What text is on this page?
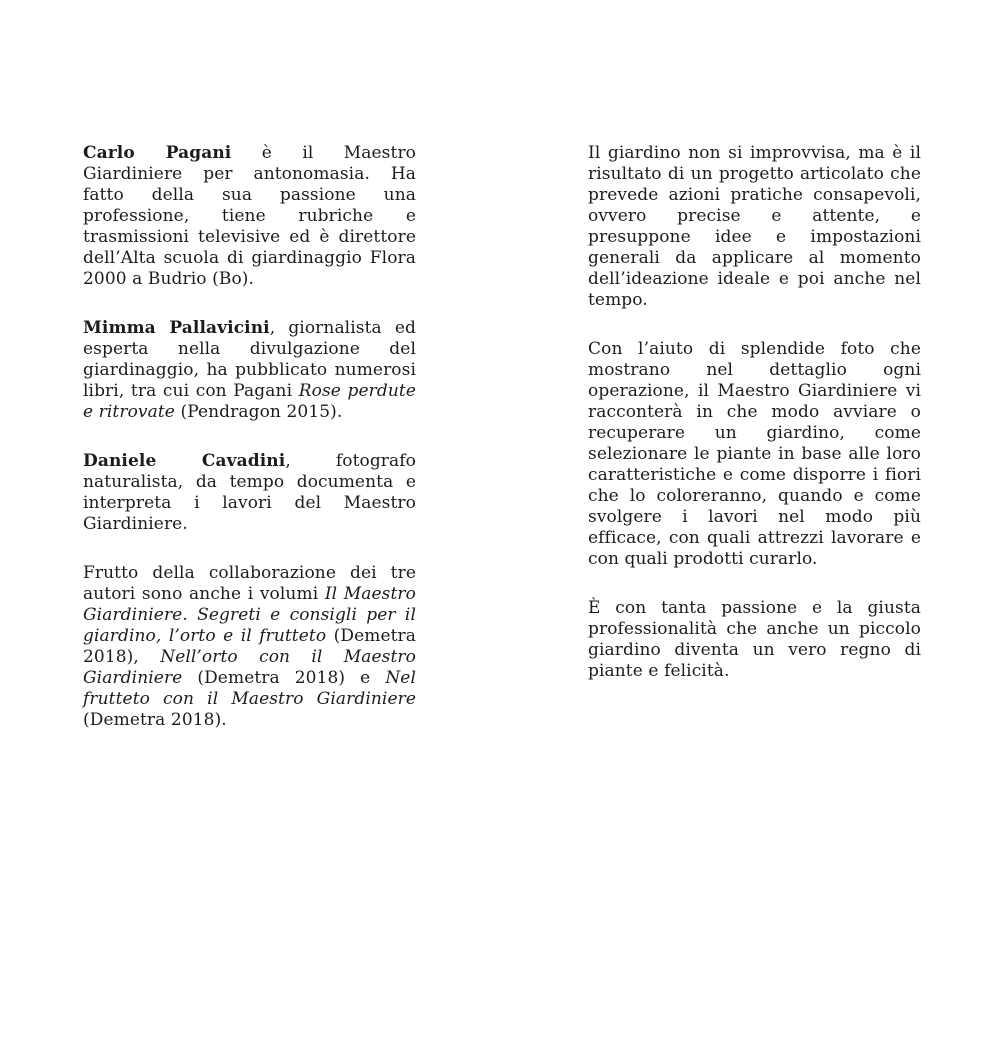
Carlo Pagani è il Maestro Giardiniere per antonomasia. Ha fatto della sua passione una professione, tiene rubriche e trasmissioni televisive ed è direttore dell’Alta scuola di giardinaggio Flora 2000 a Budrio (Bo).

Mimma Pallavicini, giornalista ed esperta nella divulgazione del giardinaggio, ha pubblicato numerosi libri, tra cui con Pagani Rose perdute e ritrovate (Pendragon 2015).

Daniele Cavadini, fotografo naturalista, da tempo documenta e interpreta i lavori del Maestro Giardiniere.

Frutto della collaborazione dei tre autori sono anche i volumi Il Maestro Giardiniere. Segreti e consigli per il giardino, l’orto e il frutteto (Demetra 2018), Nell’orto con il Maestro Giardiniere (Demetra 2018) e Nel frutteto con il Maestro Giardiniere (Demetra 2018).

Il giardino non si improvvisa, ma è il risultato di un progetto articolato che prevede azioni pratiche consapevoli, ovvero precise e attente, e presuppone idee e impostazioni generali da applicare al momento dell’ideazione ideale e poi anche nel tempo.

Con l’aiuto di splendide foto che mostrano nel dettaglio ogni operazione, il Maestro Giardiniere vi racconterà in che modo avviare o recuperare un giardino, come selezionare le piante in base alle loro caratteristiche e come disporre i fiori che lo coloreranno, quando e come svolgere i lavori nel modo più efficace, con quali attrezzi lavorare e con quali prodotti curarlo.

È con tanta passione e la giusta professionalità che anche un piccolo giardino diventa un vero regno di piante e felicità.
